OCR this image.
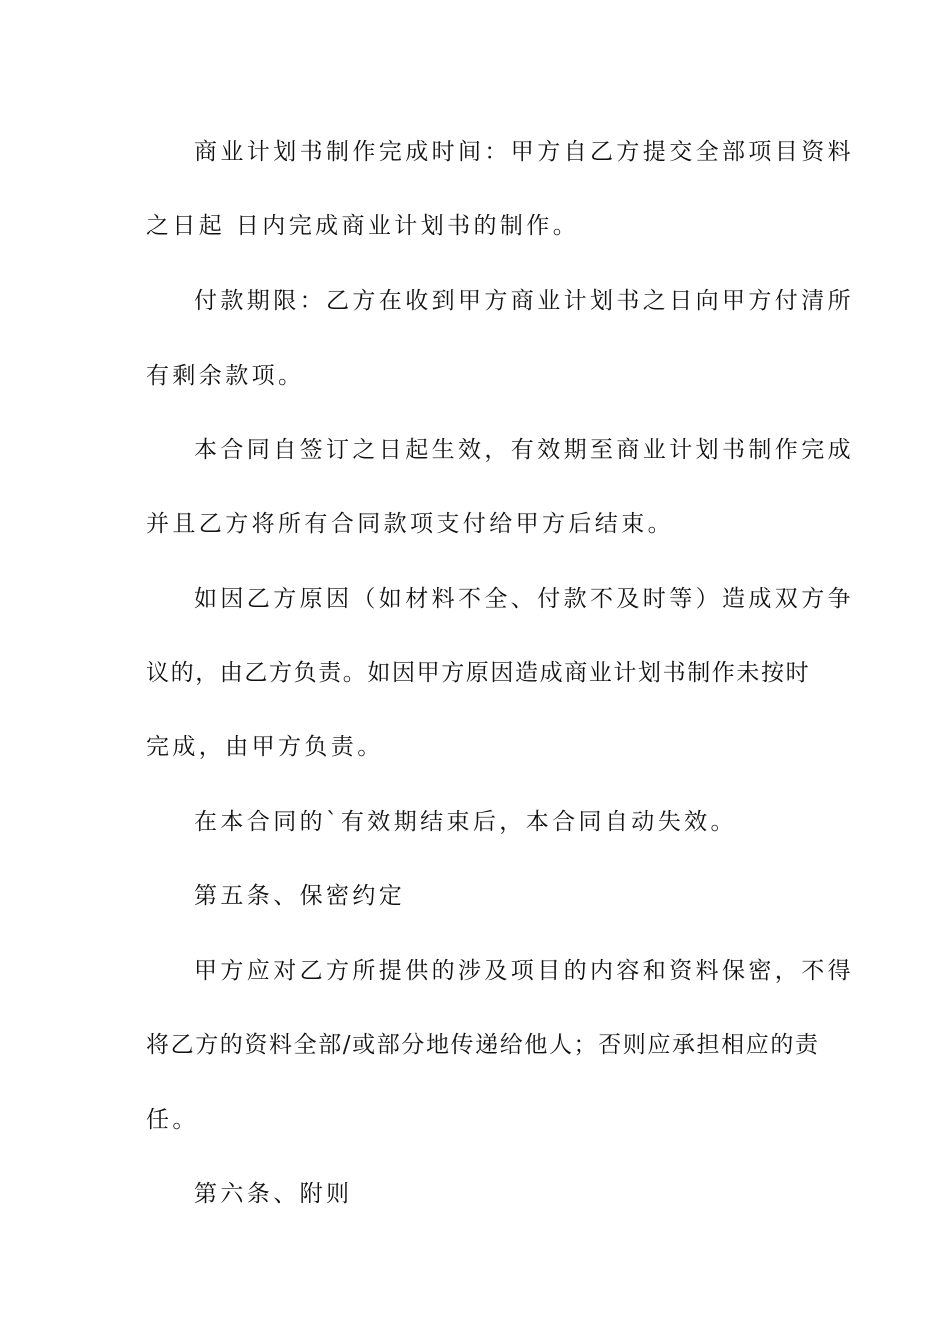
商业计划书制作完成时间：甲方自乙方提交全部项目资料
之日起 日内完成商业计划书的制作。
付款期限：乙方在收到甲方商业计划书之日向甲方付清所
有剩余款项。
本合同自签订之日起生效，有效期至商业计划书制作完成
并且乙方将所有合同款项支付给甲方后结束。
如因乙方原因（如材料不全、付款不及时等）造成双方争
议的，由乙方负责。如因甲方原因造成商业计划书制作未按时
完成，由甲方负责。
在本合同的`有效期结束后，本合同自动失效。
第五条、保密约定
甲方应对乙方所提供的涉及项目的内容和资料保密，不得
将乙方的资料全部/或部分地传递给他人；否则应承担相应的责
任。
第六条、附则
